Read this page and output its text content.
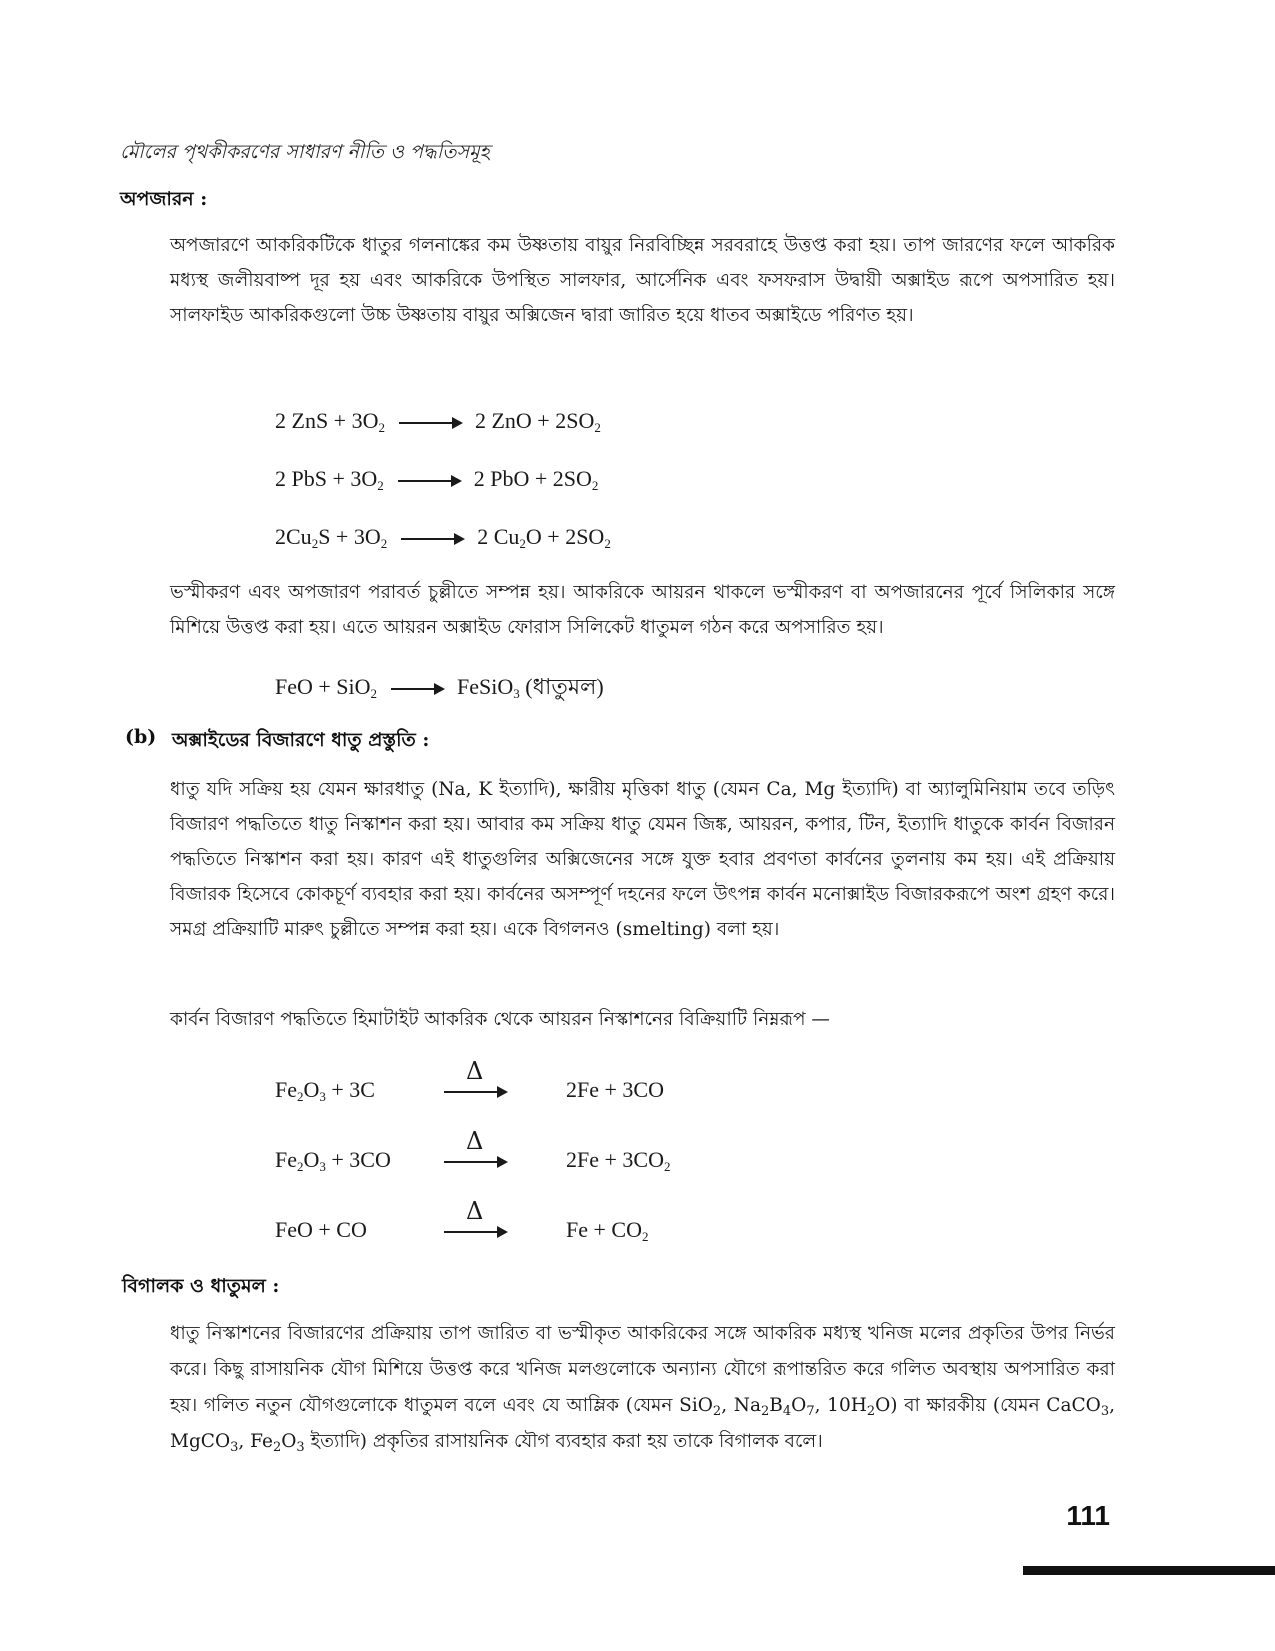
মৌলের পৃথকীকরণের সাধারণ নীতি ও পদ্ধতিসমূহ
অপজারন :
অপজারণে আকরিকটিকে ধাতুর গলনাঙ্কের কম উষ্ণতায় বায়ুর নিরবিচ্ছিন্ন সরবরাহে উত্তপ্ত করা হয়। তাপ জারণের ফলে আকরিক মধ্যস্থ জলীয়বাষ্প দূর হয় এবং আকরিকে উপস্থিত সালফার, আর্সেনিক এবং ফসফরাস উদ্বায়ী অক্সাইড রূপে অপসারিত হয়। সালফাইড আকরিকগুলো উচ্চ উষ্ণতায় বায়ুর অক্সিজেন দ্বারা জারিত হয়ে ধাতব অক্সাইডে পরিণত হয়।
2 ZnS + $3O_2 \to 2$ ZnO + $2SO_2$
2 PbS + $3O_2 \to 2$ PbO + $2SO_2$
$2Cu_2S + 3O_2 \to 2$ $Cu_2O + 2SO_2$
ভস্মীকরণ এবং অপজারণ পরাবর্ত চুল্লীতে সম্পন্ন হয়। আকরিকে আয়রন থাকলে ভস্মীকরণ বা অপজারনের পূর্বে সিলিকার সঙ্গে মিশিয়ে উত্তপ্ত করা হয়। এতে আয়রন অক্সাইড ফোরাস সিলিকেট ধাতুমল গঠন করে অপসারিত হয়।
FeO + SiO$_2$ → FeSiO$_3$ (ধাতুমল)
(b) অক্সাইডের বিজারণে ধাতু প্রস্তুতি :
ধাতু যদি সক্রিয় হয় যেমন ক্ষারধাতু (Na, K ইত্যাদি), ক্ষারীয় মৃত্তিকা ধাতু (যেমন Ca, Mg ইত্যাদি) বা অ্যালুমিনিয়াম তবে তড়িৎ বিজারণ পদ্ধতিতে ধাতু নিস্কাশন করা হয়। আবার কম সক্রিয় ধাতু যেমন জিঙ্ক, আয়রন, কপার, টিন, ইত্যাদি ধাতুকে কার্বন বিজারন পদ্ধতিতে নিস্কাশন করা হয়। কারণ এই ধাতুগুলির অক্সিজেনের সঙ্গে যুক্ত হবার প্রবণতা কার্বনের তুলনায় কম হয়। এই প্রক্রিয়ায় বিজারক হিসেবে কোকচূর্ণ ব্যবহার করা হয়। কার্বনের অসম্পূর্ণ দহনের ফলে উৎপন্ন কার্বন মনোক্সাইড বিজারকরূপে অংশ গ্রহণ করে। সমগ্র প্রক্রিয়াটি মারুৎ চুল্লীতে সম্পন্ন করা হয়। একে বিগলনও (smelting) বলা হয়।
কার্বন বিজারণ পদ্ধতিতে হিমাটাইট আকরিক থেকে আয়রন নিস্কাশনের বিক্রিয়াটি নিম্নরূপ —
$Fe_2O_3 + 3C$
Δ
2Fe + 3CO
$Fe_2O_3 + 3CO$
Δ
$2Fe + 3CO_2$
FeO + CO
Δ
$Fe + CO_2$
বিগালক ও ধাতুমল :
ধাতু নিস্কাশনের বিজারণের প্রক্রিয়ায় তাপ জারিত বা ভস্মীকৃত আকরিকের সঙ্গে আকরিক মধ্যস্থ খনিজ মলের প্রকৃতির উপর নির্ভর করে। কিছু রাসায়নিক যৌগ মিশিয়ে উত্তপ্ত করে খনিজ মলগুলোকে অন্যান্য যৌগে রূপান্তরিত করে গলিত অবস্থায় অপসারিত করা হয়। গলিত নতুন যৌগগুলোকে ধাতুমল বলে এবং যে আম্লিক (যেমন SiO$_2$, $Na_2B_4O_7$, $10H_2O$) বা ক্ষারকীয় (যেমন CaCO$_3$, MgCO$_3$, $Fe_2O_3$ ইত্যাদি) প্রকৃতির রাসায়নিক যৌগ ব্যবহার করা হয় তাকে বিগালক বলে।
111
